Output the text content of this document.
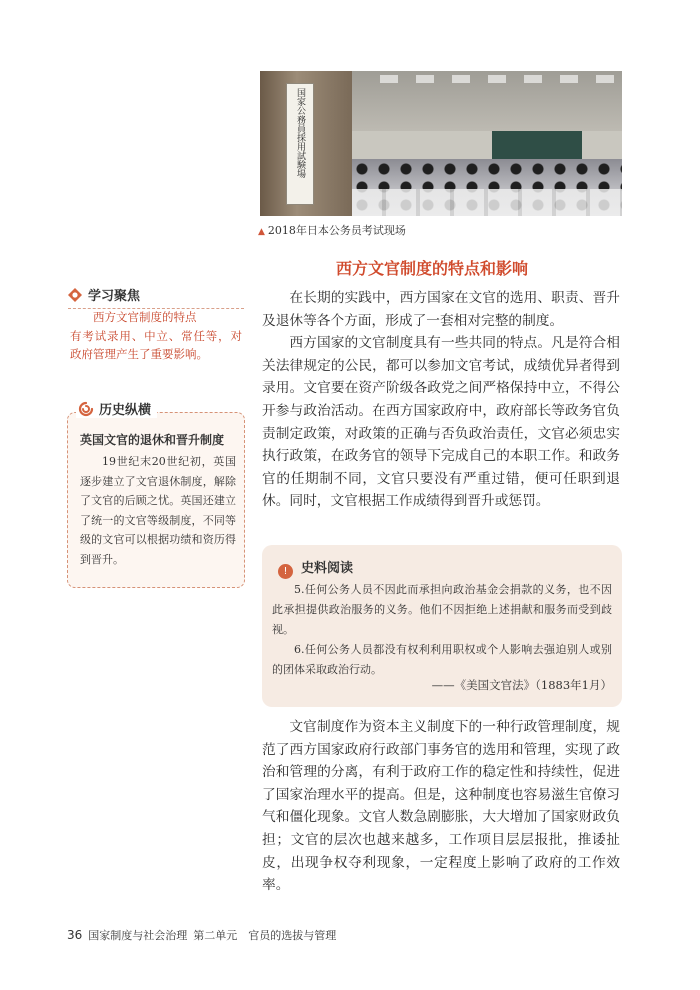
国家公務員採用試験場
▲ 2018年日本公务员考试现场
西方文官制度的特点和影响

在长期的实践中，西方国家在文官的选用、职责、晋升及退休等各个方面，形成了一套相对完整的制度。

西方国家的文官制度具有一些共同的特点。凡是符合相关法律规定的公民，都可以参加文官考试，成绩优异者得到录用。文官要在资产阶级各政党之间严格保持中立，不得公开参与政治活动。在西方国家政府中，政府部长等政务官负责制定政策，对政策的正确与否负政治责任，文官必须忠实执行政策，在政务官的领导下完成自己的本职工作。和政务官的任期制不同，文官只要没有严重过错，便可任职到退休。同时，文官根据工作成绩得到晋升或惩罚。

学习聚焦
西方文官制度的特点
有考试录用、中立、常任等，对政府管理产生了重要影响。
历史纵横
英国文官的退休和晋升制度

19世纪末20世纪初，英国逐步建立了文官退休制度，解除了文官的后顾之忧。英国还建立了统一的文官等级制度，不同等级的文官可以根据功绩和资历得到晋升。

! 史料阅读

5.任何公务人员不因此而承担向政治基金会捐款的义务，也不因此承担提供政治服务的义务。他们不因拒绝上述捐献和服务而受到歧视。

6.任何公务人员都没有权利利用职权或个人影响去强迫别人或别的团体采取政治行动。

——《美国文官法》（1883年1月）

文官制度作为资本主义制度下的一种行政管理制度，规范了西方国家政府行政部门事务官的选用和管理，实现了政治和管理的分离，有利于政府工作的稳定性和持续性，促进了国家治理水平的提高。但是，这种制度也容易滋生官僚习气和僵化现象。文官人数急剧膨胀，大大增加了国家财政负担；文官的层次也越来越多，工作项目层层报批，推诿扯皮，出现争权夺利现象，一定程度上影响了政府的工作效率。

36 国家制度与社会治理 第二单元　官员的选拔与管理
